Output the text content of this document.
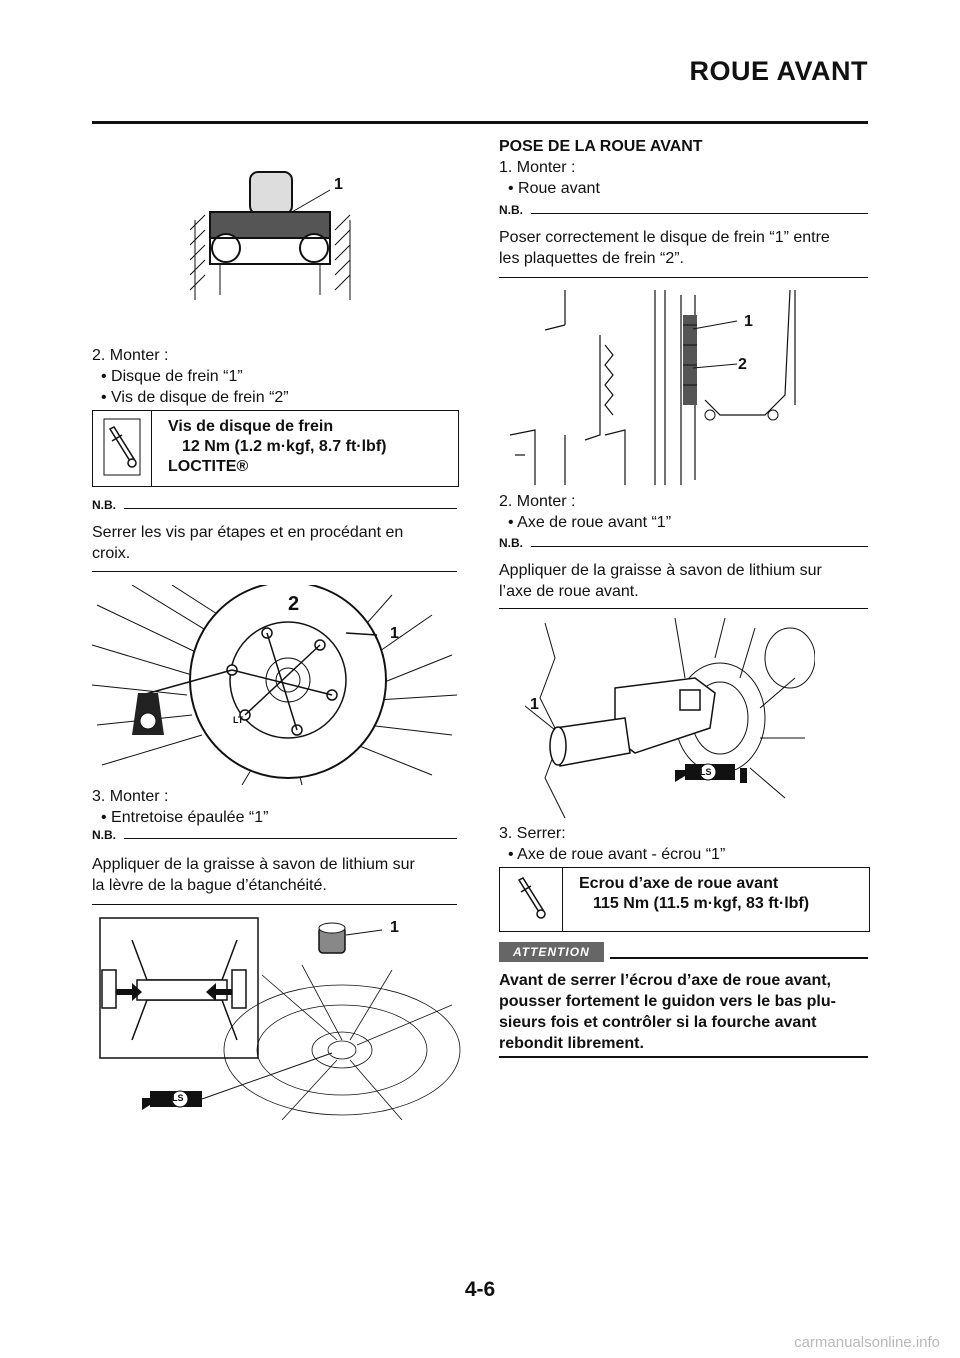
ROUE AVANT
1
2. Monter :
• Disque de frein “1”
• Vis de disque de frein “2”
Vis de disque de frein
12 Nm (1.2 m·kgf, 8.7 ft·lbf)
LOCTITE®
N.B.
Serrer les vis par étapes et en procédant en
croix.
2
1
LT
3. Monter :
• Entretoise épaulée “1”
N.B.
Appliquer de la graisse à savon de lithium sur
la lèvre de la bague d’étanchéité.
1
LS
POSE DE LA ROUE AVANT
1. Monter :
• Roue avant
N.B.
Poser correctement le disque de frein “1” entre
les plaquettes de frein “2”.
1
2
2. Monter :
• Axe de roue avant “1”
N.B.
Appliquer de la graisse à savon de lithium sur
l’axe de roue avant.
1
LS
3. Serrer:
• Axe de roue avant - écrou “1”
Ecrou d’axe de roue avant
115 Nm (11.5 m·kgf, 83 ft·lbf)
ATTENTION
Avant de serrer l’écrou d’axe de roue avant,
pousser fortement le guidon vers le bas plu-
sieurs fois et contrôler si la fourche avant
rebondit librement.
4-6
carmanualsonline.info
